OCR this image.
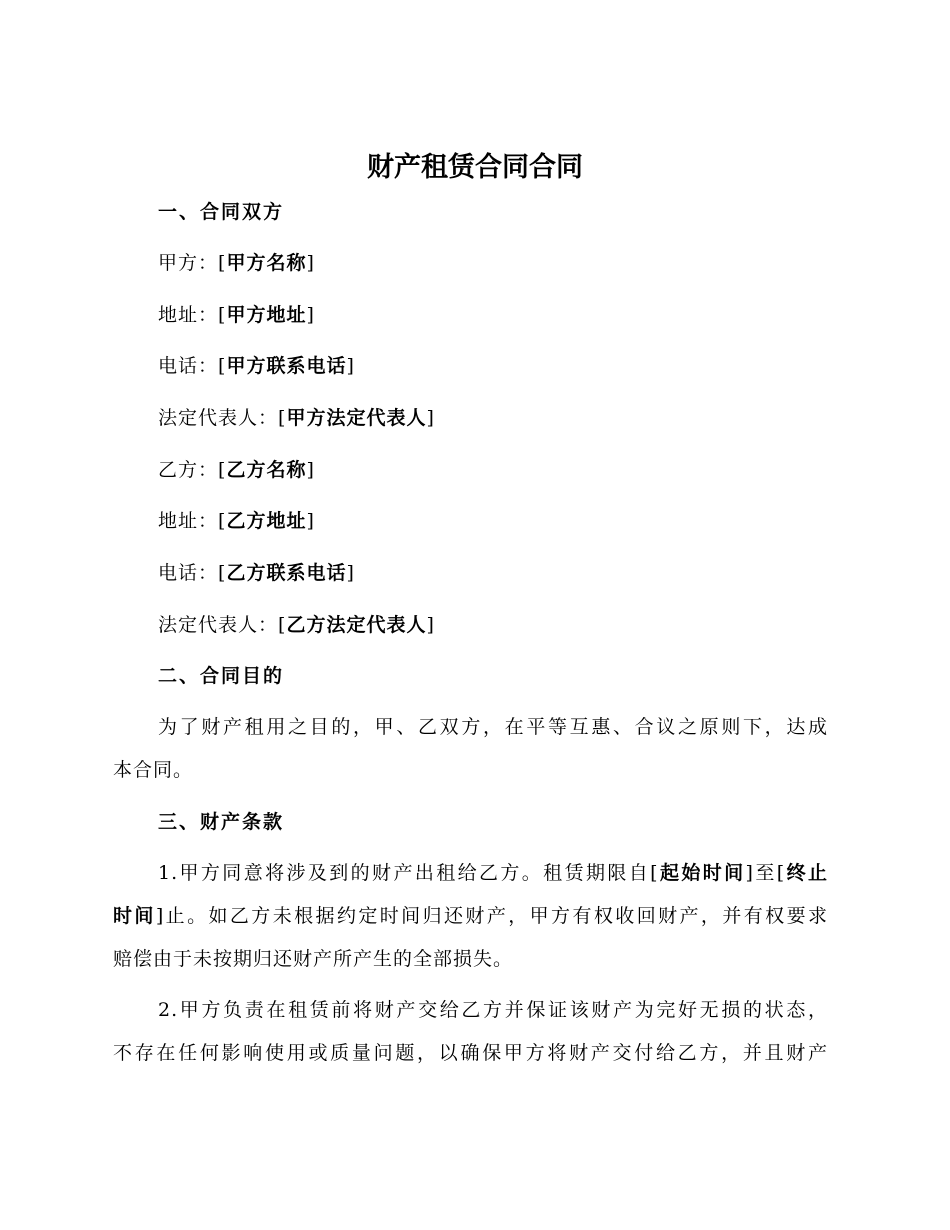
财产租赁合同合同
一、合同双方
甲方：[甲方名称]
地址：[甲方地址]
电话：[甲方联系电话]
法定代表人：[甲方法定代表人]
乙方：[乙方名称]
地址：[乙方地址]
电话：[乙方联系电话]
法定代表人：[乙方法定代表人]
二、合同目的
为了财产租用之目的，甲、乙双方，在平等互惠、合议之原则下，达成
本合同。
三、财产条款
1.甲方同意将涉及到的财产出租给乙方。租赁期限自[起始时间]至[终止
时间]止。如乙方未根据约定时间归还财产，甲方有权收回财产，并有权要求
赔偿由于未按期归还财产所产生的全部损失。
2.甲方负责在租赁前将财产交给乙方并保证该财产为完好无损的状态，
不存在任何影响使用或质量问题，以确保甲方将财产交付给乙方，并且财产
